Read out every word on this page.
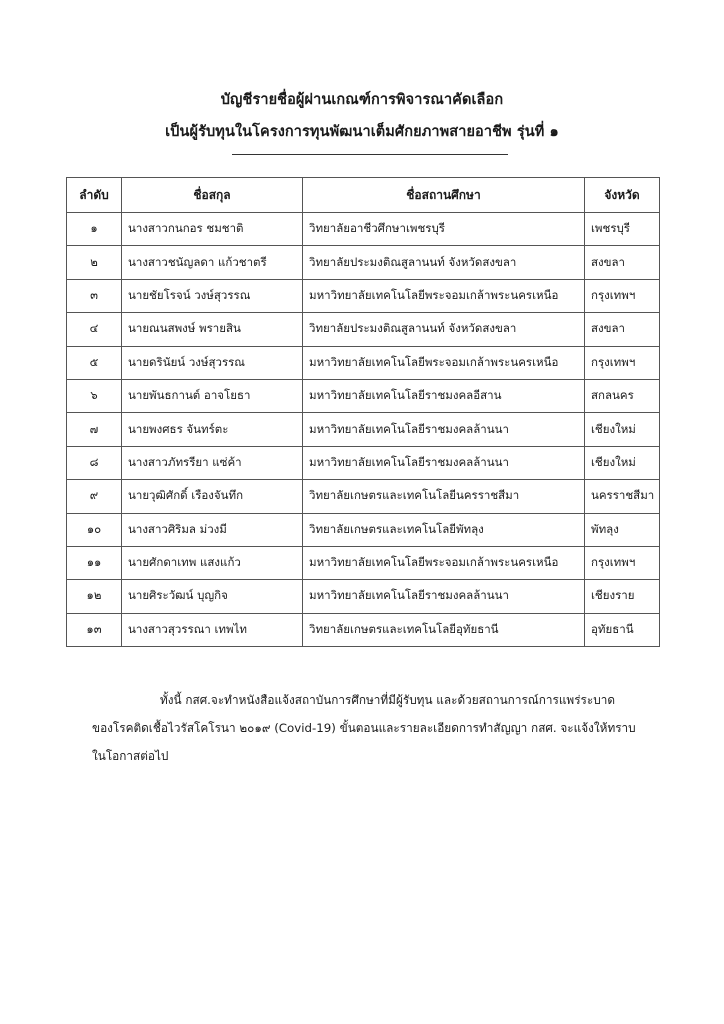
บัญชีรายชื่อผู้ผ่านเกณฑ์การพิจารณาคัดเลือก
เป็นผู้รับทุนในโครงการทุนพัฒนาเต็มศักยภาพสายอาชีพ รุ่นที่ ๑
ลำดับ	ชื่อสกุล	ชื่อสถานศึกษา	จังหวัด
๑	นางสาวกนกอร ชมชาติ	วิทยาลัยอาชีวศึกษาเพชรบุรี	เพชรบุรี
๒	นางสาวชนัญลดา แก้วชาตรี	วิทยาลัยประมงติณสูลานนท์ จังหวัดสงขลา	สงขลา
๓	นายชัยโรจน์ วงษ์สุวรรณ	มหาวิทยาลัยเทคโนโลยีพระจอมเกล้าพระนครเหนือ	กรุงเทพฯ
๔	นายณนสพงษ์ พรายสิน	วิทยาลัยประมงติณสูลานนท์ จังหวัดสงขลา	สงขลา
๕	นายดรินัยน์ วงษ์สุวรรณ	มหาวิทยาลัยเทคโนโลยีพระจอมเกล้าพระนครเหนือ	กรุงเทพฯ
๖	นายพันธกานต์ อาจโยธา	มหาวิทยาลัยเทคโนโลยีราชมงคลอีสาน	สกลนคร
๗	นายพงศธร จันทร์ตะ	มหาวิทยาลัยเทคโนโลยีราชมงคลล้านนา	เชียงใหม่
๘	นางสาวภัทรรียา แซ่ค้า	มหาวิทยาลัยเทคโนโลยีราชมงคลล้านนา	เชียงใหม่
๙	นายวุฒิศักดิ์ เรืองจันทึก	วิทยาลัยเกษตรและเทคโนโลยีนครราชสีมา	นครราชสีมา
๑๐	นางสาวศิริมล ม่วงมี	วิทยาลัยเกษตรและเทคโนโลยีพัทลุง	พัทลุง
๑๑	นายศักดาเทพ แสงแก้ว	มหาวิทยาลัยเทคโนโลยีพระจอมเกล้าพระนครเหนือ	กรุงเทพฯ
๑๒	นายศิระวัฒน์ บุญกิจ	มหาวิทยาลัยเทคโนโลยีราชมงคลล้านนา	เชียงราย
๑๓	นางสาวสุวรรณา เทพไท	วิทยาลัยเกษตรและเทคโนโลยีอุทัยธานี	อุทัยธานี

ทั้งนี้ กสศ.จะทำหนังสือแจ้งสถาบันการศึกษาที่มีผู้รับทุน และด้วยสถานการณ์การแพร่ระบาด

ของโรคติดเชื้อไวรัสโคโรนา ๒๐๑๙ (Covid-19) ขั้นตอนและรายละเอียดการทำสัญญา กสศ. จะแจ้งให้ทราบ

ในโอกาสต่อไป
